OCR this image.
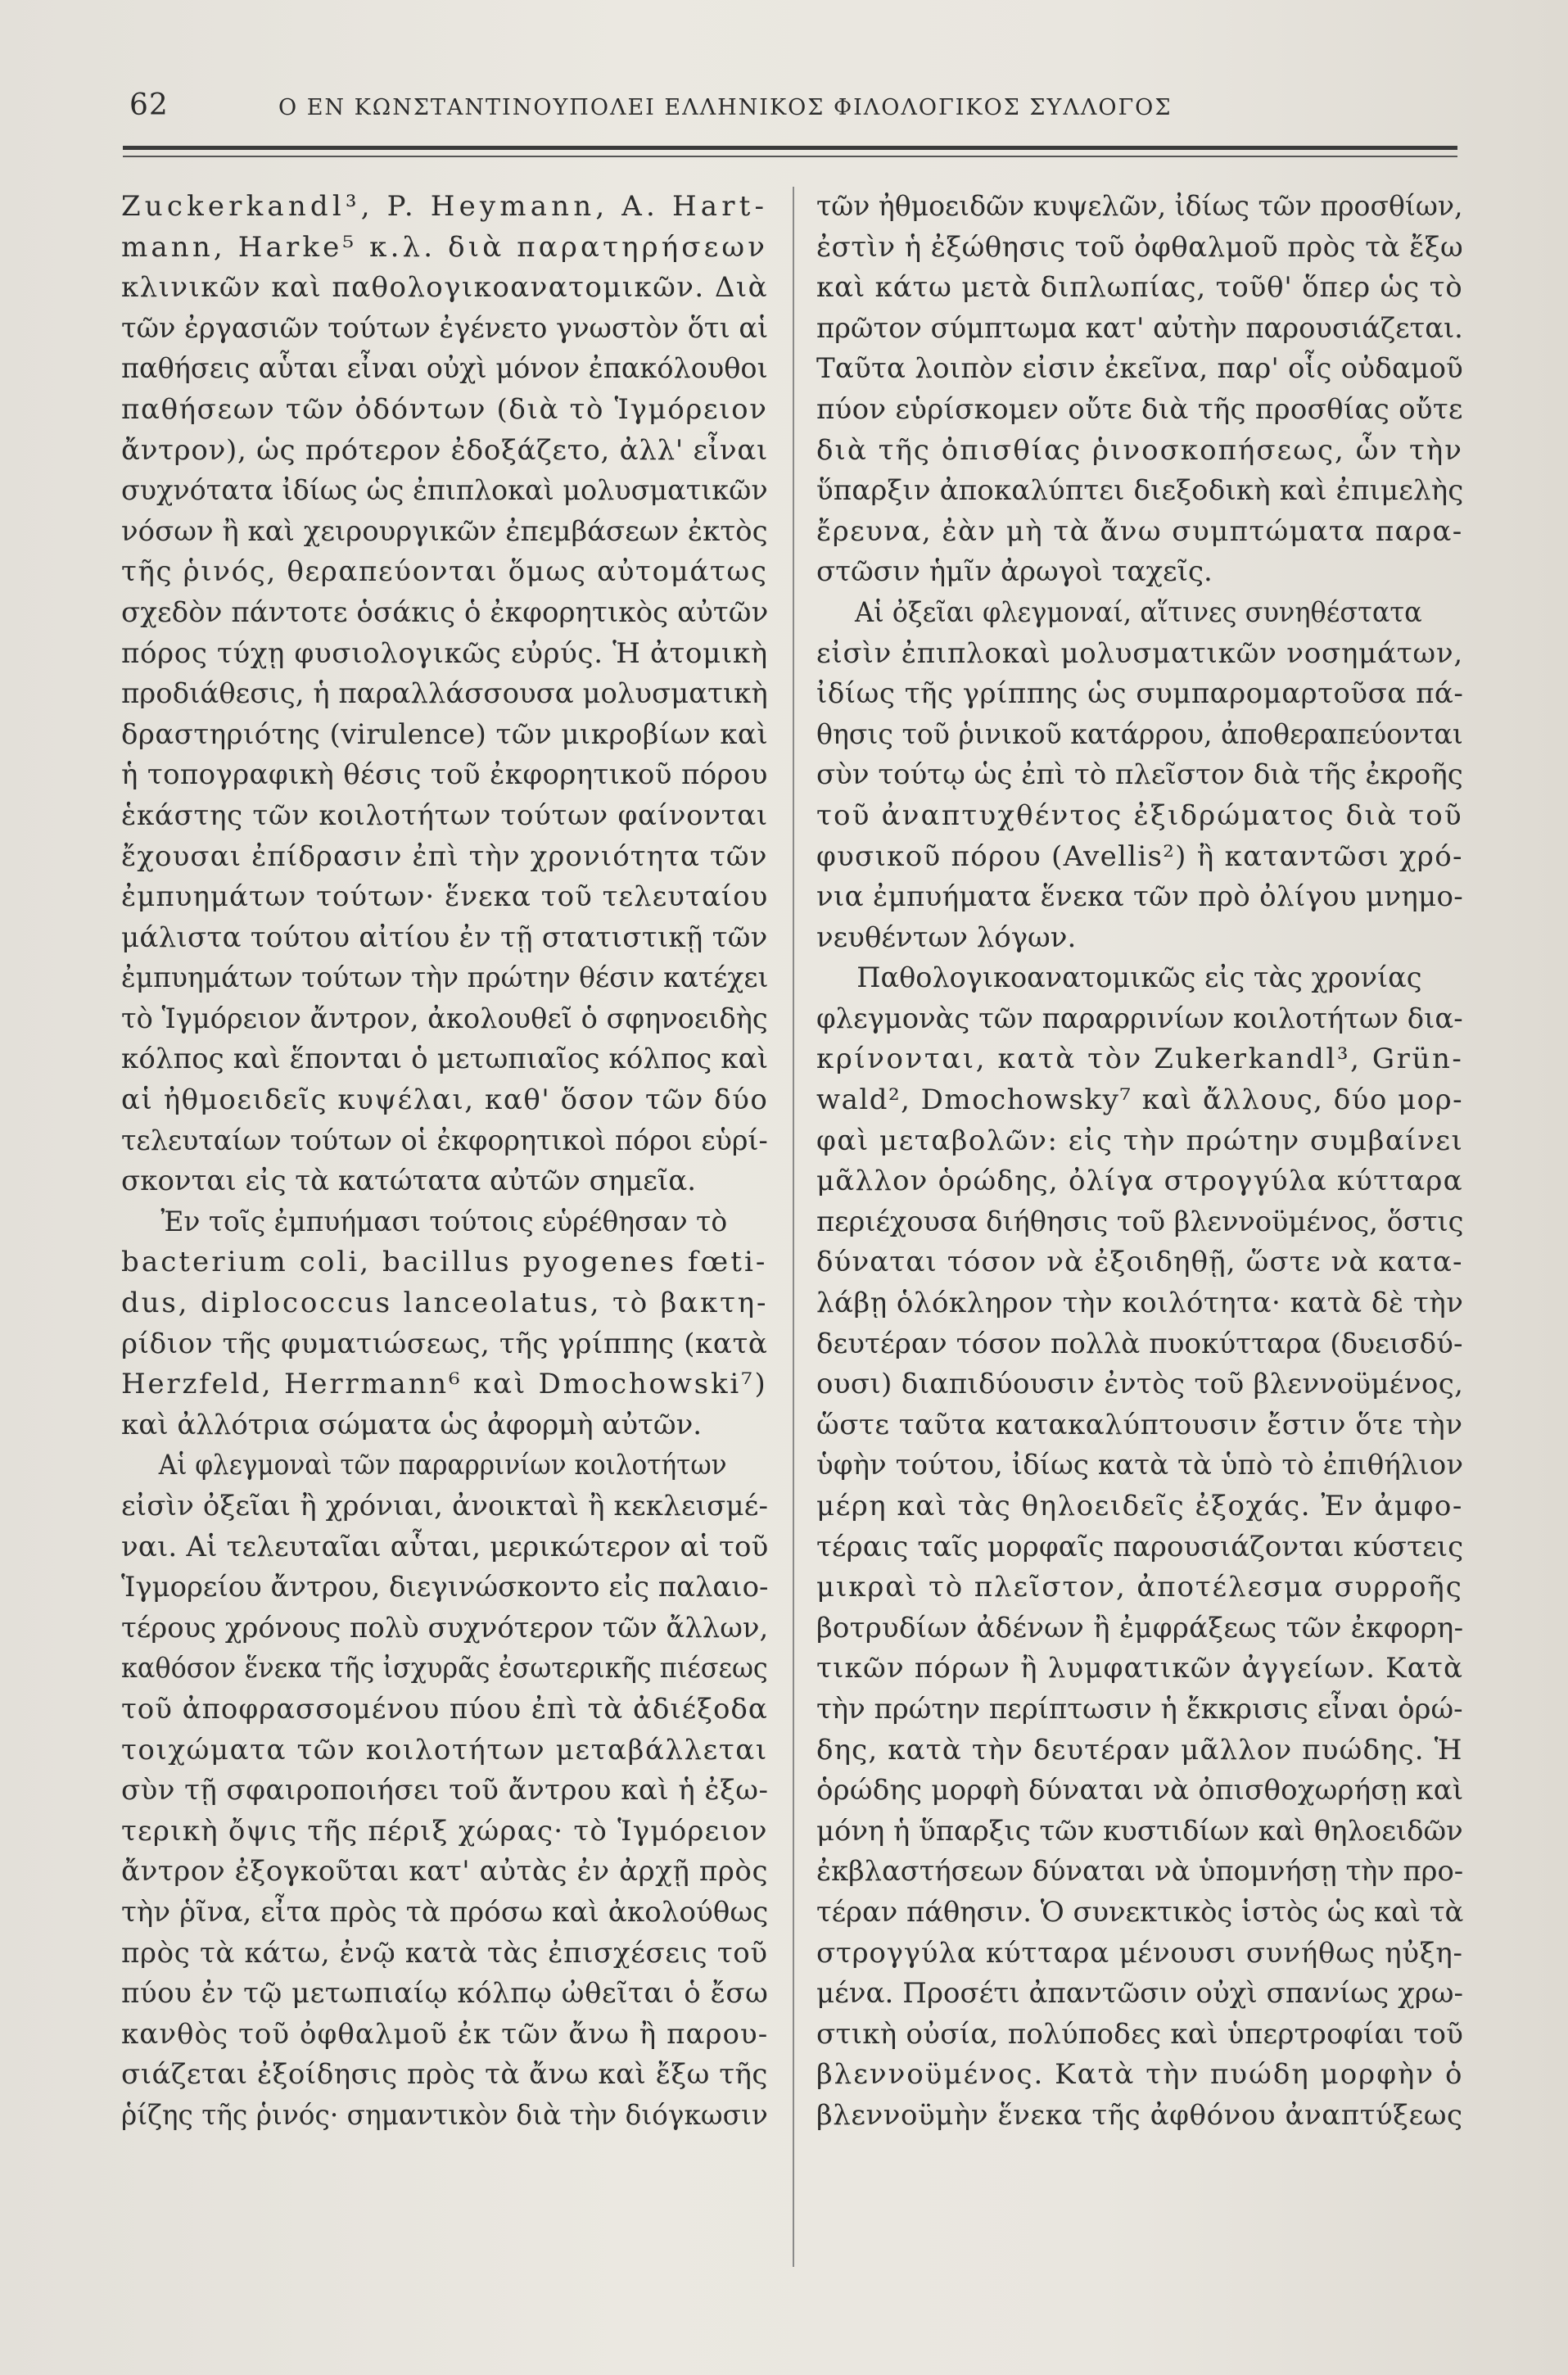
62	Ο ΕΝ ΚΩΝΣΤΑΝΤΙΝΟΥΠΟΛΕΙ ΕΛΛΗΝΙΚΟΣ ΦΙΛΟΛΟΓΙΚΟΣ ΣΥΛΛΟΓΟΣ
Zuckerkandl³, P. Heymann, A. Hart-
mann, Harke⁵ κ.λ. διὰ παρατηρήσεων
κλινικῶν καὶ παθολογικοανατομικῶν. Διὰ
τῶν ἐργασιῶν τούτων ἐγένετο γνωστὸν ὅτι αἱ
παθήσεις αὗται εἶναι οὐχὶ μόνον ἐπακόλουθοι
παθήσεων τῶν ὀδόντων (διὰ τὸ Ἱγμόρειον
ἄντρον), ὡς πρότερον ἐδοξάζετο, ἀλλ' εἶναι
συχνότατα ἰδίως ὡς ἐπιπλοκαὶ μολυσματικῶν
νόσων ἢ καὶ χειρουργικῶν ἐπεμβάσεων ἐκτὸς
τῆς ῥινός, θεραπεύονται ὅμως αὐτομάτως
σχεδὸν πάντοτε ὁσάκις ὁ ἐκφορητικὸς αὐτῶν
πόρος τύχῃ φυσιολογικῶς εὐρύς. Ἡ ἀτομικὴ
προδιάθεσις, ἡ παραλλάσσουσα μολυσματικὴ
δραστηριότης (virulence) τῶν μικροβίων καὶ
ἡ τοπογραφικὴ θέσις τοῦ ἐκφορητικοῦ πόρου
ἑκάστης τῶν κοιλοτήτων τούτων φαίνονται
ἔχουσαι ἐπίδρασιν ἐπὶ τὴν χρονιότητα τῶν
ἐμπυημάτων τούτων· ἕνεκα τοῦ τελευταίου
μάλιστα τούτου αἰτίου ἐν τῇ στατιστικῇ τῶν
ἐμπυημάτων τούτων τὴν πρώτην θέσιν κατέχει
τὸ Ἱγμόρειον ἄντρον, ἀκολουθεῖ ὁ σφηνοειδὴς
κόλπος καὶ ἕπονται ὁ μετωπιαῖος κόλπος καὶ
αἱ ἠθμοειδεῖς κυψέλαι, καθ' ὅσον τῶν δύο
τελευταίων τούτων οἱ ἐκφορητικοὶ πόροι εὑρί-
σκονται εἰς τὰ κατώτατα αὐτῶν σημεῖα.
Ἐν τοῖς ἐμπυήμασι τούτοις εὑρέθησαν τὸ
bacterium coli, bacillus pyogenes fœti-
dus, diplococcus lanceolatus, τὸ βακτη-
ρίδιον τῆς φυματιώσεως, τῆς γρίππης (κατὰ
Herzfeld, Herrmann⁶ καὶ Dmochowski⁷)
καὶ ἀλλότρια σώματα ὡς ἀφορμὴ αὐτῶν.
Αἱ φλεγμοναὶ τῶν παραρρινίων κοιλοτήτων
εἰσὶν ὀξεῖαι ἢ χρόνιαι, ἀνοικταὶ ἢ κεκλεισμέ-
ναι. Αἱ τελευταῖαι αὗται, μερικώτερον αἱ τοῦ
Ἱγμορείου ἄντρου, διεγινώσκοντο εἰς παλαιο-
τέρους χρόνους πολὺ συχνότερον τῶν ἄλλων,
καθόσον ἕνεκα τῆς ἰσχυρᾶς ἐσωτερικῆς πιέσεως
τοῦ ἀποφρασσομένου πύου ἐπὶ τὰ ἀδιέξοδα
τοιχώματα τῶν κοιλοτήτων μεταβάλλεται
σὺν τῇ σφαιροποιήσει τοῦ ἄντρου καὶ ἡ ἐξω-
τερικὴ ὄψις τῆς πέριξ χώρας· τὸ Ἱγμόρειον
ἄντρον ἐξογκοῦται κατ' αὐτὰς ἐν ἀρχῇ πρὸς
τὴν ῥῖνα, εἶτα πρὸς τὰ πρόσω καὶ ἀκολούθως
πρὸς τὰ κάτω, ἐνῷ κατὰ τὰς ἐπισχέσεις τοῦ
πύου ἐν τῷ μετωπιαίῳ κόλπῳ ὠθεῖται ὁ ἔσω
κανθὸς τοῦ ὀφθαλμοῦ ἐκ τῶν ἄνω ἢ παρου-
σιάζεται ἐξοίδησις πρὸς τὰ ἄνω καὶ ἔξω τῆς
ῥίζης τῆς ῥινός· σημαντικὸν διὰ τὴν διόγκωσιν
τῶν ἠθμοειδῶν κυψελῶν, ἰδίως τῶν προσθίων,
ἐστὶν ἡ ἐξώθησις τοῦ ὀφθαλμοῦ πρὸς τὰ ἔξω
καὶ κάτω μετὰ διπλωπίας, τοῦθ' ὅπερ ὡς τὸ
πρῶτον σύμπτωμα κατ' αὐτὴν παρουσιάζεται.
Ταῦτα λοιπὸν εἰσιν ἐκεῖνα, παρ' οἷς οὐδαμοῦ
πύον εὑρίσκομεν οὔτε διὰ τῆς προσθίας οὔτε
διὰ τῆς ὀπισθίας ῥινοσκοπήσεως, ὧν τὴν
ὕπαρξιν ἀποκαλύπτει διεξοδικὴ καὶ ἐπιμελὴς
ἔρευνα, ἐὰν μὴ τὰ ἄνω συμπτώματα παρα-
στῶσιν ἡμῖν ἀρωγοὶ ταχεῖς.
Αἱ ὀξεῖαι φλεγμοναί, αἵτινες συνηθέστατα
εἰσὶν ἐπιπλοκαὶ μολυσματικῶν νοσημάτων,
ἰδίως τῆς γρίππης ὡς συμπαρομαρτοῦσα πά-
θησις τοῦ ῥινικοῦ κατάρρου, ἀποθεραπεύονται
σὺν τούτῳ ὡς ἐπὶ τὸ πλεῖστον διὰ τῆς ἐκροῆς
τοῦ ἀναπτυχθέντος ἐξιδρώματος διὰ τοῦ
φυσικοῦ πόρου (Avellis²) ἢ καταντῶσι χρό-
νια ἐμπυήματα ἕνεκα τῶν πρὸ ὀλίγου μνημο-
νευθέντων λόγων.
Παθολογικοανατομικῶς εἰς τὰς χρονίας
φλεγμονὰς τῶν παραρρινίων κοιλοτήτων δια-
κρίνονται, κατὰ τὸν Zukerkandl³, Grün-
wald², Dmochowsky⁷ καὶ ἄλλους, δύο μορ-
φαὶ μεταβολῶν: εἰς τὴν πρώτην συμβαίνει
μᾶλλον ὁρώδης, ὀλίγα στρογγύλα κύτταρα
περιέχουσα διήθησις τοῦ βλεννοϋμένος, ὅστις
δύναται τόσον νὰ ἐξοιδηθῇ, ὥστε νὰ κατα-
λάβῃ ὁλόκληρον τὴν κοιλότητα· κατὰ δὲ τὴν
δευτέραν τόσον πολλὰ πυοκύτταρα (δυεισδύ-
ουσι) διαπιδύουσιν ἐντὸς τοῦ βλεννοϋμένος,
ὥστε ταῦτα κατακαλύπτουσιν ἔστιν ὅτε τὴν
ὑφὴν τούτου, ἰδίως κατὰ τὰ ὑπὸ τὸ ἐπιθήλιον
μέρη καὶ τὰς θηλοειδεῖς ἐξοχάς. Ἐν ἀμφο-
τέραις ταῖς μορφαῖς παρουσιάζονται κύστεις
μικραὶ τὸ πλεῖστον, ἀποτέλεσμα συρροῆς
βοτρυδίων ἀδένων ἢ ἐμφράξεως τῶν ἐκφορη-
τικῶν πόρων ἢ λυμφατικῶν ἀγγείων. Κατὰ
τὴν πρώτην περίπτωσιν ἡ ἔκκρισις εἶναι ὁρώ-
δης, κατὰ τὴν δευτέραν μᾶλλον πυώδης. Ἡ
ὁρώδης μορφὴ δύναται νὰ ὀπισθοχωρήσῃ καὶ
μόνη ἡ ὕπαρξις τῶν κυστιδίων καὶ θηλοειδῶν
ἐκβλαστήσεων δύναται νὰ ὑπομνήσῃ τὴν προ-
τέραν πάθησιν. Ὁ συνεκτικὸς ἱστὸς ὡς καὶ τὰ
στρογγύλα κύτταρα μένουσι συνήθως ηὐξη-
μένα. Προσέτι ἀπαντῶσιν οὐχὶ σπανίως χρω-
στικὴ οὐσία, πολύποδες καὶ ὑπερτροφίαι τοῦ
βλεννοϋμένος. Κατὰ τὴν πυώδη μορφὴν ὁ
βλεννοϋμὴν ἕνεκα τῆς ἀφθόνου ἀναπτύξεως
